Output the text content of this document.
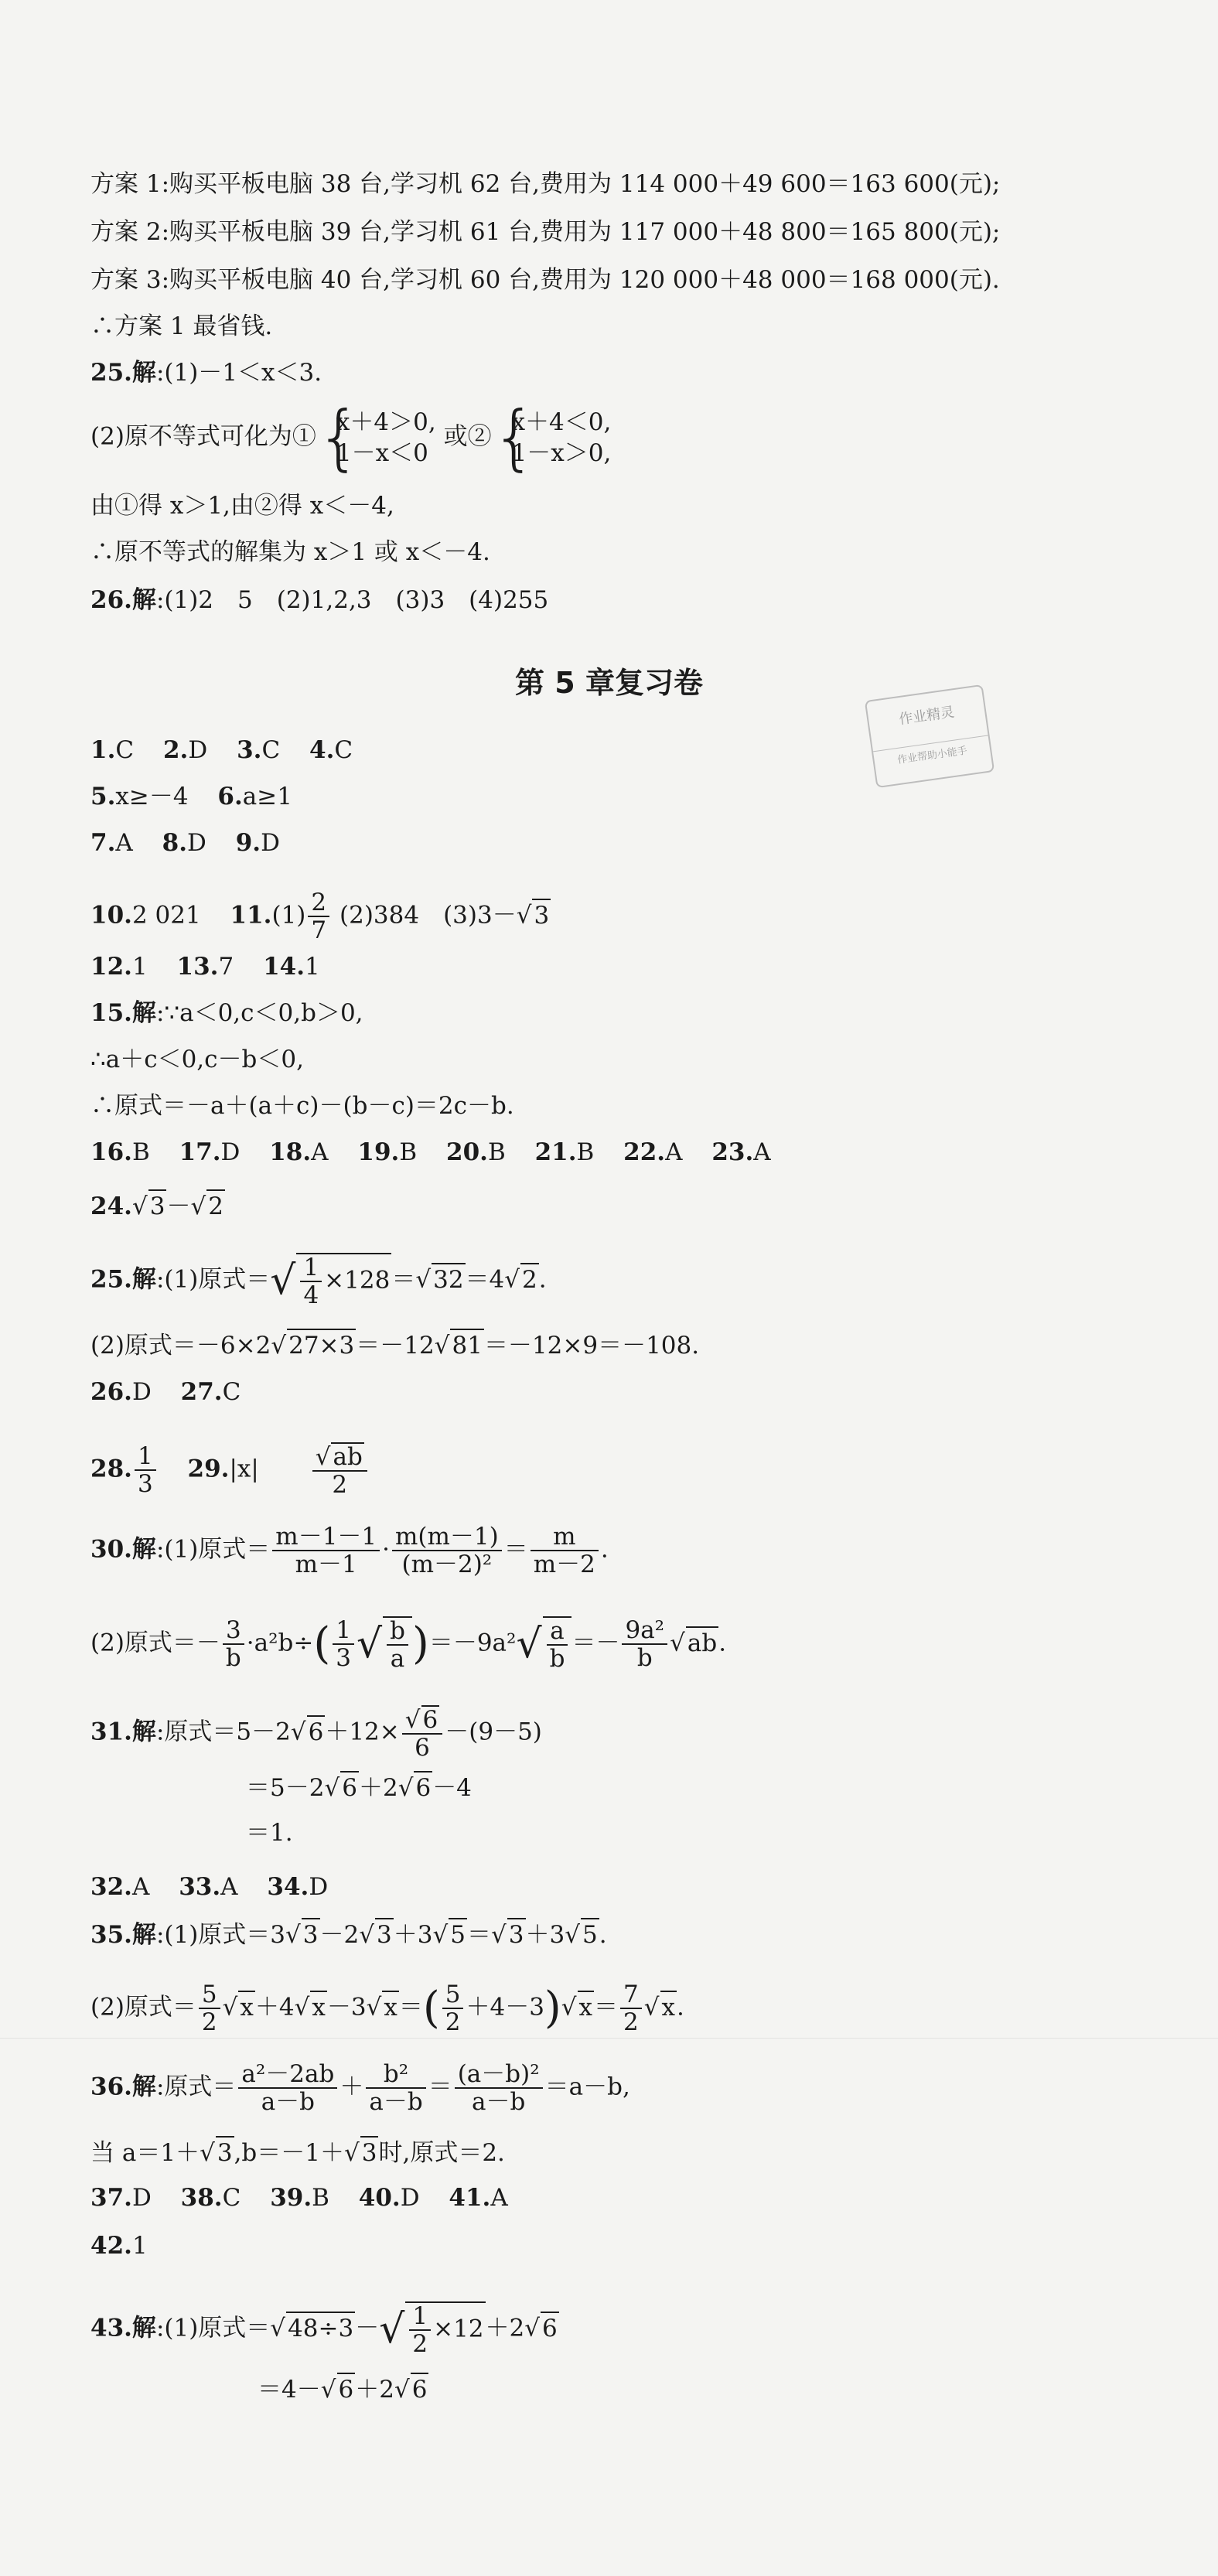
方案 1:购买平板电脑 38 台,学习机 62 台,费用为 114 000＋49 600＝163 600(元);
方案 2:购买平板电脑 39 台,学习机 61 台,费用为 117 000＋48 800＝165 800(元);
方案 3:购买平板电脑 40 台,学习机 60 台,费用为 120 000＋48 000＝168 000(元).
∴方案 1 最省钱.
25.解:(1)－1＜x＜3.
(2)原不等式可化为① {
x＋4＞0,
1－x＜0
或② {
x＋4＜0,
1－x＞0,
由①得 x＞1,由②得 x＜－4,
∴原不等式的解集为 x＞1 或 x＜－4.
26.解:(1)2　5　(2)1,2,3　(3)3　(4)255
第 5 章复习卷
作业精灵
作业帮助小能手
1.C 2.D 3.C 4.C
5.x≥－4 6.a≥1
7.A 8.D 9.D
10.2 021 $11.(1) \frac{2}{7} (2)384$　(3)3－√3
12.1 13.7 14.1
15.解:∵a＜0,c＜0,b＞0,
∴a＋c＜0,c－b＜0,
∴原式＝－a＋(a＋c)－(b－c)＝2c－b.
16.B 17.D 18.A 19.B 20.B 21.B 22.A 23.A
24.√3－√2
25.解:(1)原式＝√ $\frac{1}{4} \times 128=√32=4√2$.
(2)原式＝－6×2√27×3＝－12√81＝－12×9＝－108.
26.D 27.C
28. $\frac{1}{3} 29.|x| \frac{√ab}{2}$
30.解:(1)原式＝ $\frac{m-1-1}{m-1} \cdot \frac{m(m-1)}{\text{(m－2)²}} = \frac{m}{m-2}$ .
(2)原式＝－ $\frac{3}{b} \cdot a^2b\div( \frac{1}{3}$ √ $\frac{b}{a} )=-9a^2√ \frac{a}{b} =- \frac{\text{9a²}}{b} √ab$.
31.解:原式$=5-2√6+12\times \frac{√6}{6} -(9-5)$
＝5－2√6＋2√6－4
＝1.
32.A 33.A 34.D
35.解:(1)原式＝3√3－2√3＋3√5＝√3＋3√5.
(2)原式＝ $\frac{5}{2} √x+4√x-3√x=( \frac{5}{2} +4-3)√x= \frac{7}{2} √x$.
36.解:原式＝ $\frac{\text{a²－2ab}}{a-b} + \frac{\text{b²}}{a-b} = \frac{\text{(a－b)²}}{a-b} =a-b$,
当 a＝1＋√3,b＝－1＋√3时,原式＝2.
37.D 38.C 39.B 40.D 41.A
42.1
43.解:(1)原式$=√48\div 3-√ \frac{1}{2} \times 12+2√6$
＝4－√6＋2√6
